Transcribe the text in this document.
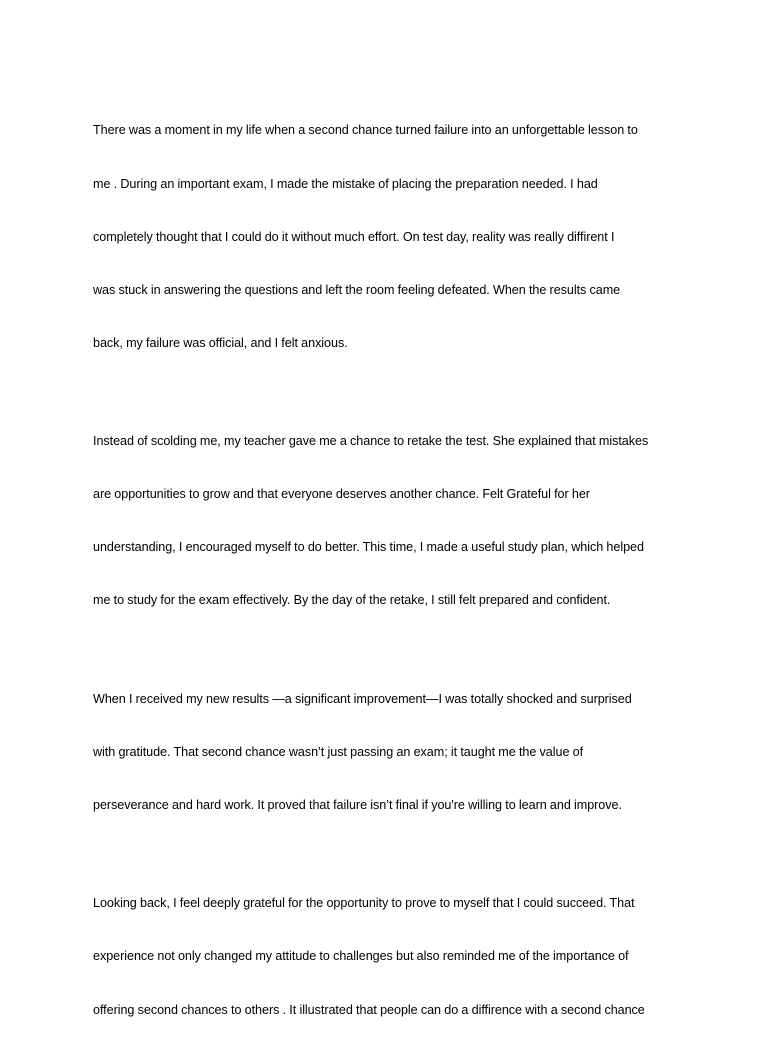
There was a moment in my life when a second chance turned failure into an unforgettable lesson to

me . During an important exam, I made the mistake of placing the preparation needed. I had

completely thought that I could do it without much effort. On test day, reality was really diffirent I

was stuck in answering the questions and left the room feeling defeated. When the results came

back, my failure was official, and I felt anxious.

Instead of scolding me, my teacher gave me a chance to retake the test. She explained that mistakes

are opportunities to grow and that everyone deserves another chance. Felt Grateful for her

understanding, I encouraged myself to do better. This time, I made a useful study plan, which helped

me to study for the exam effectively. By the day of the retake, I still felt prepared and confident.

When I received my new results —a significant improvement—I was totally shocked and surprised

with gratitude. That second chance wasn’t just passing an exam; it taught me the value of

perseverance and hard work. It proved that failure isn’t final if you're willing to learn and improve.

Looking back, I feel deeply grateful for the opportunity to prove to myself that I could succeed. That

experience not only changed my attitude to challenges but also reminded me of the importance of

offering second chances to others . It illustrated that people can do a diffirence with a second chance
